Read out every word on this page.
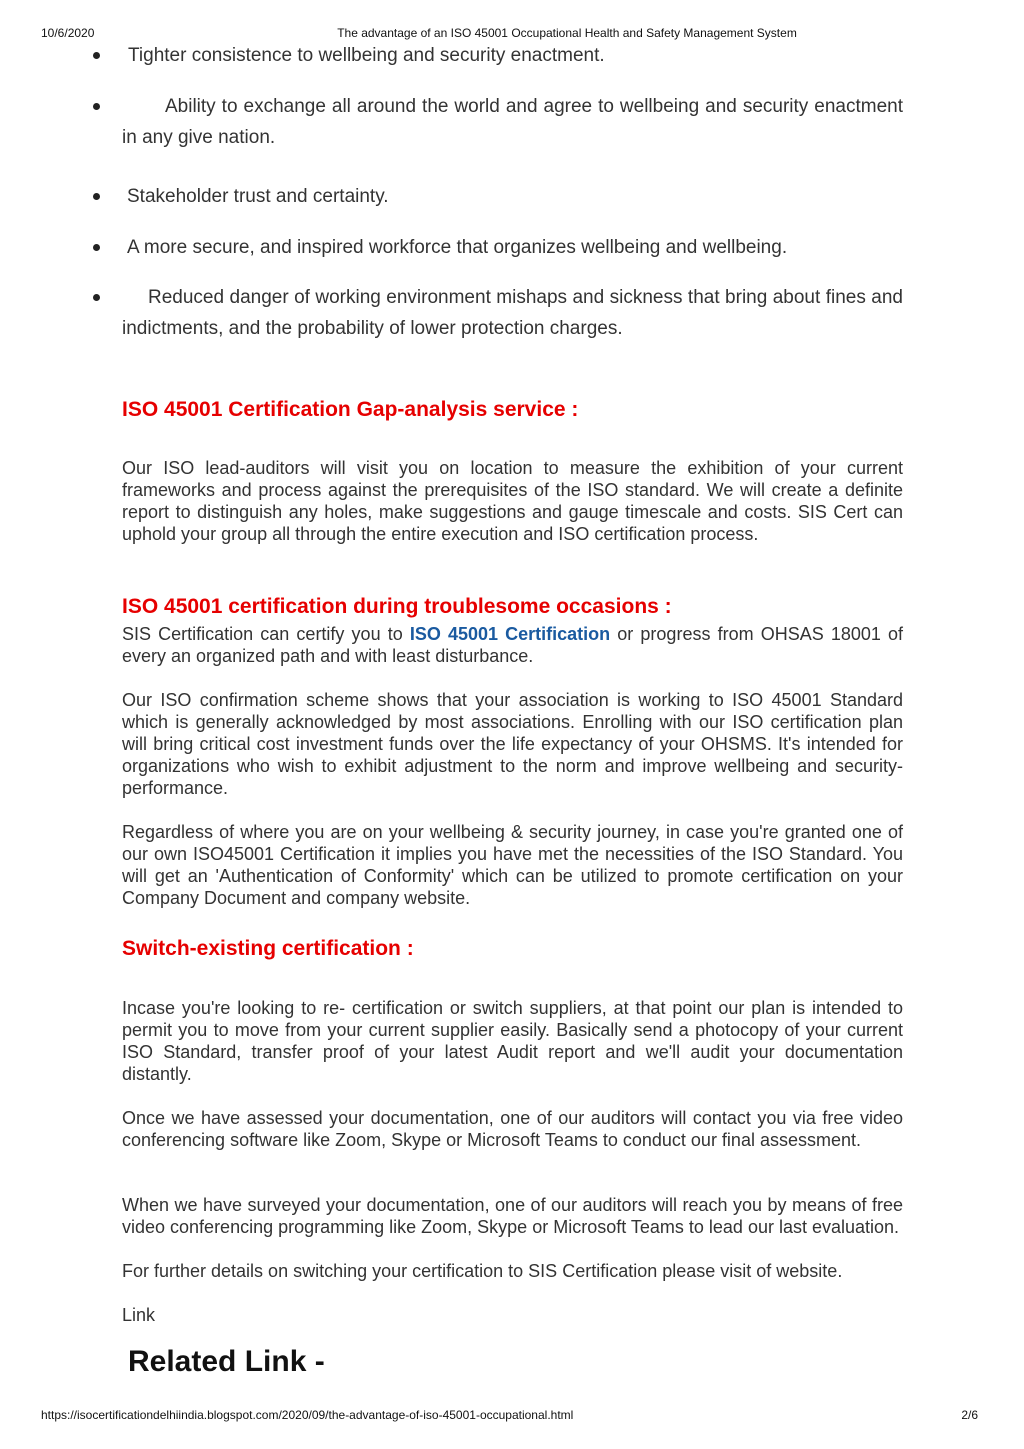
10/6/2020	The advantage of an ISO 45001 Occupational Health and Safety Management System
Tighter consistence to wellbeing and security enactment.
Ability to exchange all around the world and agree to wellbeing and security enactment in any give nation.
Stakeholder trust and certainty.
A more secure, and inspired workforce that organizes wellbeing and wellbeing.
Reduced danger of working environment mishaps and sickness that bring about fines and indictments, and the probability of lower protection charges.
ISO 45001 Certification Gap-analysis service :

Our ISO lead-auditors will visit you on location to measure the exhibition of your current frameworks and process against the prerequisites of the ISO standard. We will create a definite report to distinguish any holes, make suggestions and gauge timescale and costs. SIS Cert can uphold your group all through the entire execution and ISO certification process.

ISO 45001 certification during troublesome occasions :

SIS Certification can certify you to ISO 45001 Certification or progress from OHSAS 18001 of every an organized path and with least disturbance.

Our ISO confirmation scheme shows that your association is working to ISO 45001 Standard which is generally acknowledged by most associations. Enrolling with our ISO certification plan will bring critical cost investment funds over the life expectancy of your OHSMS. It's intended for organizations who wish to exhibit adjustment to the norm and improve wellbeing and security-performance.

Regardless of where you are on your wellbeing & security journey, in case you're granted one of our own ISO45001 Certification it implies you have met the necessities of the ISO Standard. You will get an 'Authentication of Conformity' which can be utilized to promote certification on your Company Document and company website.

Switch-existing certification :

Incase you're looking to re- certification or switch suppliers, at that point our plan is intended to permit you to move from your current supplier easily. Basically send a photocopy of your current ISO Standard, transfer proof of your latest Audit report and we'll audit your documentation distantly.

Once we have assessed your documentation, one of our auditors will contact you via free video conferencing software like Zoom, Skype or Microsoft Teams to conduct our final assessment.

When we have surveyed your documentation, one of our auditors will reach you by means of free video conferencing programming like Zoom, Skype or Microsoft Teams to lead our last evaluation.

For further details on switching your certification to SIS Certification please visit of website.

Link

Related Link -
https://isocertificationdelhiindia.blogspot.com/2020/09/the-advantage-of-iso-45001-occupational.html	2/6
